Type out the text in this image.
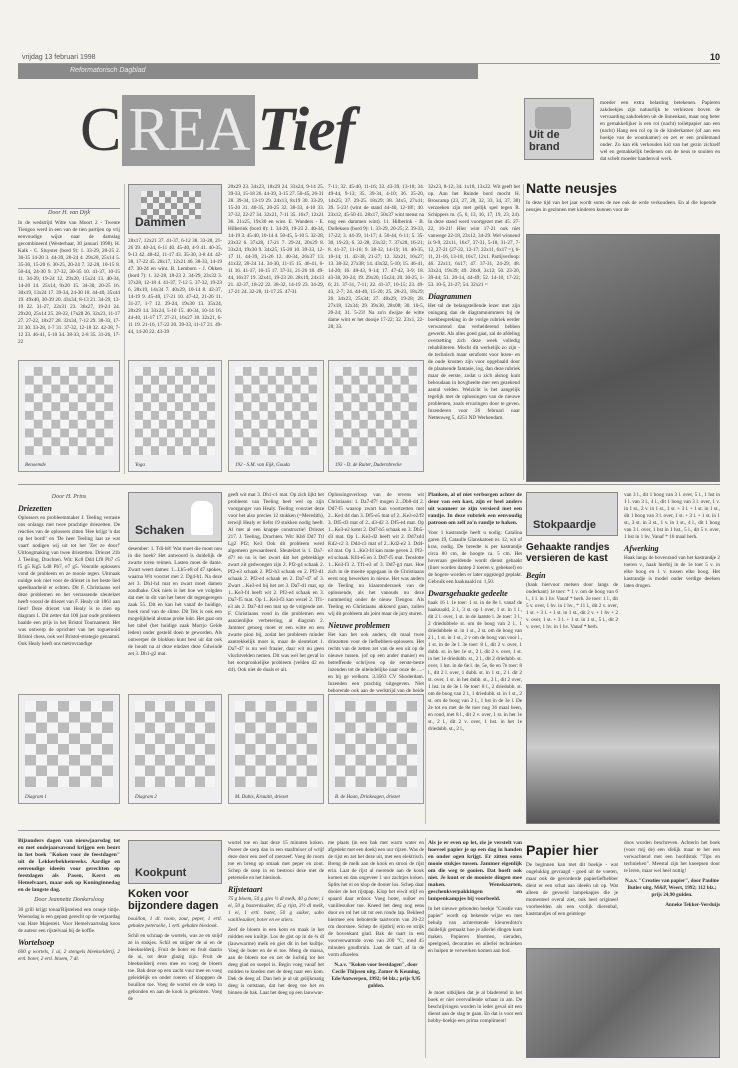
vrijdag 13 februari 1998	10
Reformatorisch Dagblad
C REA Tief	Uit de brand

moeder een extra belasting betekenen. Papieren zakdoekjes zijn natuurlijk te verkiezen boven de vervaarding zakdoekten uit de linnenkast, maar nog beter en gemakkelijker is een rol (nacht) toiletpapier aan een (nacht) Hang een rol op in de kinderkamer (of aan een hoekje van de woonkamer) en zet er een prullemand onder. Zo kan elk verkouden kid van het gezin zichzelf wel en gemakkelijk bedienen om de neus te snuiten en dat schelt moeder handenvol werk.

Natte neusjes

In deze tijd van het jaar wordt soms de nee ouk de wrde verkoudeen. En al die lopende neusjes in gezinnen met kinderen kunnen voor de

Door H. van Dijk

In de wedstrijd Witte van Moort 2 - Twente Tiengoo werd in een van de tien partijen op vrij eenvoudige wijze naar de damslag gecombineerd (Westerhaar, 30 januari 1998). H. Kalk - C. Sluyster (bord 9): 1. 33-29, 20-25 2. 30-35 14-20 3. 44-39, 20-24 4. 29x20, 25x14 5. 35-30, 15-20 6. 30-25, 20-24 7. 32-28, 10-15 8. 50-44, 24-30 9. 37-32, 30-35 10. 41-37, 10-15 11. 34-29, 19-24 12. 29x20, 15x24 13. 40-34, 14-20 14. 25x14, 9x20 15. 34-30, 20-25 16. 30x19, 13x24 17. 39-34, 24-30 18. 44-40, 35x44 19. 49x40, 30-39 20. 43x34, 8-13 21. 34-29, 13-19 22. 31-27, 22x31 23. 36x27, 19-24 24. 29x20, 25x14 25. 28-22, 17x28 26. 32x23, 11-17 27. 27-22, 18x27 28. 32x34, 7-12 29. 38-33, 17-21 30. 33-28, 1-7 31. 37-32, 12-18 32. 42-38, 7-12 33. 46-41, 5-10 34. 38-33, 2-8 35. 31-26, 17-22

Dammen

28x17, 12x21 37. 41-37, 6-12 38. 33-28, 21-26 39. 40-34, 6-11 40. 45-40, 4-9 41. 40-35, 9-13 42. 48-42, 11-17 43. 35-30, 3-8 44. 42-38, 17-22 45. 28x17, 12x21 46. 38-33, 14-19 47. 30-24 en wint. B. Lemborn - J. Okken (bord 7): 1. 32-28, 18-23 2. 34-29, 23x32 3. 37x28, 12-18 4. 41-37, 7-12 5. 37-32, 19-23 6. 28x19, 14x34 7. 40x29, 10-14 8. 42-37, 14-19 9. 45-40, 17-21 10. 47-42, 21-26 11. 31-27, 1-7 12. 29-24, 19x30 13. 35x24, 20x29 14. 33x24, 5-10 15. 40-34, 10-14 16. 44-40, 11-17 17. 27-21, 16x27 18. 32x21, 6-11 19. 21-16, 17-22 20. 39-33, 11-17 21. 49-44, 14-20 22. 43-39

20x29 23. 34x23, 18x29 24. 33x24, 9-14 25. 39-33, 15-18 26. 44-39, 3-15 27. 50-45, 26-31 28. 39-34, 13-19 29. 24x13, 8x19 30. 33-29, 15-20 31. 40-35, 20-25 32. 38-33, 4-10 33. 37-32, 22-27 34. 32x21, 7-11 35. 16x7, 12x21 36. 21x25, 19x30 en wint. E. Wanders - E. Hilberink (bord 8): 1. 34-29, 19-23 2. 40-34, 14-19 3. 45-40, 10-14 4. 50-45, 5-10 5. 32-28, 23x32 6. 37x28, 17-21 7. 29-24, 20x29 8. 33x24, 19x30 9. 34x25, 15-20 10. 39-33, 12-17 11. 44-39, 21-26 12. 40-34, 26x37 13. 41x32, 20-24 14. 34-30, 11-15 15. 46-41, 6-11 16. 41-37, 10-15 17. 37-31, 21-26 18. 49-44, 16x37 19. 32x41, 19-23 20. 28x19, 24x13 21. 42-37, 18-22 22. 38-32, 14-19 23. 34-29, 17-21 24. 32-28, 11-17 25. 47-31

7-11; 32. 45-40, 11-16; 33. 43-39, 13-18; 34. 49-44, 9-13; 35. 39-34, 4-10; 36. 25-20, 14x25; 37. 29-25. 18x29; 38. 34x5, 27x41; 39. 5-23! (wint de stand 44-40, 12-18!; 40. 23x12, 45-50 41. 28x17, 50x37 wint menst na nog een dammen wint). 11. Hilberink - B. Dolleksen (bord 9): 1. 33-29, 20-25; 2. 39-33, 17-22; 3. 44-39, 11-17; 4. 50-44, 6-11; 5. 35-30, 19-23; 6. 32-28, 23x32; 7. 37x28, 16-21; 8. 41-37, 11-16; 9. 38-32, 14-19; 10. 40-35, 10-14; 11. 42-38, 21-27; 12. 32x21, 16x27; 13. 38-32, 27x38; 14. 43x32, 5-10; 15. 46-41, 14-20; 16. 48-43, 9-14; 17. 47-42, 3-9; 18. 43-38, 20-24; 19. 29x20, 15x24; 20. 30-25, 1-6; 21. 37-31, 7-11; 22. 41-37, 10-15; 23. 49-43, 2-7; 24. 44-40, 15-20; 25. 28-23, 18x29; 26. 34x23, 25x34; 27. 40x29, 19-28; 28. 27x18, 12x34; 29. 39x30, 28x08; 30. 10-5, 20-24; 31. 5-23! Na zo'n dwijze de witte dame wint er het doosje 17-22; 32. 23x1, 22-28; 33.

32x23, 8-12; 34. 1x18, 13x22. Wit geeft het op. Aan het Ruinde bord mocht H. Broscamp (23, 27, 28, 32, 33, 34, 37, 38) verzoeken zijn met gelijk spel tegen R. Schippers m. (5, 6, 13, 16, 17, 19, 23, 24). In deze stand werd voortgezet met 45. 27-22, 16-21! Hier wint 17-21 ook niet vanwege 22-18, 23x12, 34-29. Wel winnend is 9-9, 22x11, 16x7, 37-31, 5-18, 31-27, 7-12, 27-21 (27-22, 12-17; 22x11, 6x17 =), 6-11, 21-16, 13-18, 16x7, 12x1. Partijverloop: 46. 22x11, 6x17; 47. 37-31, 24-29; 48. 33x24, 19x39; 49. 28x8, 3x12; 50. 23-20, 39-44; 51. 20-14, 44-49; 52. 14-10, 17-22; 53. 10-5, 21-27; 54. 32x21 =

Diagrammen

Het tal de belangstellende lezer met zijn oningang dan de diagramnummers bij de boekbespreking in de vorige rubriek eerder verwarrend dan verhelderend hebben gewerkt. Als alles goed gaat, zal de afdeling overzetting zich deze week volledig rehabiliteren. Mocht dit werkelijk zo zijn - de technisch maar serafomt voor lezen- en de oude krusten zijn voor opgebaald door de plaatsende fantasie, log, dan deze rubriek maar de eerste, zodat u zich alsnog kunt behoudaan in bovgheelte mer een gezekend aantal velden. Welzicht is het aangelijk tegelijk met de oplossingen van de nieuwe problemen, zoals ervaringen door te geven. Inzenderen voor 26 februari naar Nettenweg 5, 4251 ND Werkendam.

Benoemde	Yoga	192 - S.M. van Eijk, Gouda	193 - D. de Ruiter, Dudernbrecke
Door H. Prins
Driezetten

Oplossers en probleemmaker J. Teeling verraste ons onlangs met twee prachtige driezetten. De reacties van de oplossers zitten 'Hee krijgt 'n dat op het bord!' en 'De heer Teeling laat ze wat vaart' nodigen wij uit tot het 'Zet ze door!' Uitloogmaking van twee driezetten. Driezet 21b J. Teeling, Drachten. Wit: Kc8 Dd4 Lf8 Pb7 c5 f5 g5 Kg5 Ld8 Pb7, e7 g5. Vooralle oplossers vond de probleem en ze mooie tegen. Uitmaak nuidge ook niet voor de driezet in het beste lied speelbaarheid er ochten. Dit F. Christiaans wel deze problemen en het verrassende sleutelzet heeft vooral de driezet van F. Healy uit 1861 aan liest! Deze driezet van Healy is te zien op diagram 1. Dit zetter dat 100 jaar oude probleem haalde een prijs in het Bristol Tournament. Het was ontwerp de oprichter van het toguernoid Bristol chess, ook wel Bristol-strategie genaamd. Ook Healy heeft ons metrovrandige

Schaken

desember: 1. Tdl-h8! Wat moet die mout nou in die hoek? Het antwoord is duidelijk de zwarte toren reimen. Lasten moet de dame. Zwart weert dames: 1...Lh5-e8 of d7 spokes, waarna Wit voorzet met 2. Dg4-h1. Na deze zet 3. Dh1-h4 mat en zwart moet damen zondbake. Ook niets is het hoe we volgden dat met in dit van het beter dit tegengeregen zaak 55. Dit en kan het vanaf de huidige, hoek rond van de slime. Dit Tek is ook een mogelijkheid alsmae probe lukt. Het gaat om het tabel (het huidige zaak Morrjo Gelde leden) onder gesteld doen te geworden. Als ontwerper de blokken kunt best uit dat ook de houdt na al deze eindzet deze Gdwinde zet 3. Db1-g2 mat.

geeft wit mat 3. Dh1-c1 mat. Op zich lijkt het probleem van Teeling heel wel op zijn voorganger van Healy. Teeling voorziet deze voor het also precies 12 stukken (=Meredith), terwijl Healy er liefst 19 stukken nodig heeft. Al met al een knappe constructie! Driezet 217. J. Teeling, Drachten. Wit: Kh6 Dd7 Ttl Lg2 Pf2; Ke3 Ook dit probleem werd algemeen gewaardeerd. Sleutelzet is 1. Da7-d7! en nu is het zwart dat het gebrekkige zwart zit gedwongen zijn 2. Pf2-g4 schaak 2. Pf2-e3 schaak 2. Pf2-h3 schaak en 2. Pf2-d1 schaak 2. Pf2-e4 schaak en 2. Da7-d7 of 3. Zwart ...Ke3-e4 bij het zet 3. Da7-d1 mat, op 1...Ke3-f4 heeft wit 2. Pf2-e4 schaak en 3. Da7-f5 mat. Op 1...Ke3-f3 kan wezel 2. Tf1-e3 als 2. Da7-d4 een mat op de volgende zet. F. Christiaans vond in die problemen een aanzienlijke verbetering, al diagram 2. Jammer genoeg moet er een witte en een zwarte pion bij, zodat het probleem minder aantrekkelijk moet is, maar de sleutelzet 1. Da7-d7 is nu wel fraaier, daar wit nu geen vluchtvelden nemen. Dit was wel het geval in het oorspronkelijke probleem (velden d2 en d4). Ook niet de duals er uit.

Oplossingsverloop van de tevens wit Christiaans: 1. Da7-d7! mogen 2...Db8-d4 2. Dd7-f5 waarop zwart kan voortzetten met 2...Ke4 d4 dan 3. Df5-e5 mat of 2...Ke3-e2/f2 3. Df5-d3 mat of 2...d3-d2 3. Df5-e4 mat. Op 1...Ke3-e2 komt 2. Dd7-b5 schaak en 3. Db5-d3 mat. Op 1...Ke3-d2 heeft wit 2. Dd7xd4 Kd2-c2 3. Dd4-c3 mat of 2...Kd2-e2 3. Dd4-e3 mat. Op 1...Ke3-f4 kan mate geven 2. Pf2-e4 schaak. Kf4-e5 en 3. Dd7-f5 mat. Tenslotte 1...Ke3-f3 2. Tf1-e3 of 3. Dd7-g4 mat. Hoe zich in de moeite opgegaan in de Christiaans eerst nog bewerken in nieuw. Het was anders de Teeling nu klaaronderzoek van de oplossende, als het vanouds nu deze nummering onder de nieuw Tiengoo. Als Teeling en Christiaans akkoord gaan, zullen wij dit probleem als joint maar de jury sturen.

Nieuwe problemen

Het kan het ook anders, dit maal twee driezetten voor de liefhebbers-oplossers. Het rechts van de zetten zet van de een uit op de nieuwe tussen. (of op een ander manier) en betreffende schrijven op de eerste-beste inzenden tot de uiteindelijke naar onze de ....-en bij ge welkom. 3.3563 CV Skoderdam. Inzenden een prachtig uitgegeven. Niet behorende ook aan de wedstrijd van de beide

Diagram 1	Diagram 2	M. Dubis, Kruuitit, driezet	B. de Haan, Drinkeagen, driezet

Planken, al of niet verborgen achter de deur van een kast, zijn er heel anders uit wanneer ze zijn versierd met een randje. In deze rubriek een eenvoudig patroon om zelf zo'n randje te haken.

Voor 1 kastrandje heeft u nodig: Catalina garen 19, Cataulle Glanskatoen nr. 12, wit of kras, nodig. De breedte is per kastrandje circa 80 cm, de hoogte ca. 5 cm. Het hoveraan geeldende wordt dienst gebaakt (liner worden dantep 2 toeren v. geheksel) en de hogere worden er later opgezegd geplakt. Gebruik een haaknaald nr. 1,50.

Dwarsgehaakte gedeelte

haak 16 l. 1e toer: 1 st. in de 8e l. vanaf de haaknaald, 2 l., 3 st. op 1 over, 1 st. in 1 l., dit 2 l. over, 1 st. in de laatste l. 2e toer: 3 l., 2 driedubbele st. om de boog van 2 l., 1 driedubbele st. in 1 st., 2 st. om de boog van 2 l., 1 st. in 1 st., 2 v om de boog van voor l., 1 st. in de 3e l. 3e toer: 8 l., dit 2 v. over, 1 dubb. st. in het 1e st., 2 l. dit 2 v. over, 1 st. in het 1e driedubb. st., 2 l., dit 2 driedubb. st. over, 1 hst. in de 6e l. 4e, 5e, 6e en 7e toer: 8 l., dit 2 l. over, 1 dubb. st. in 1 st., 2 l. dit 2 st. over, 1 st. in het dubb. st., 2 l., dit 2 over, 1 hst. in de 3e l. 8e toer: 8 l., 2 driedubb. st. om de boog van 2 l., 1 driedubb. st. in 1 st., 2 st. om de boog van 2 l., 1 hst in de 3e l. De 2e tot en met de 8e toer nog 36 maal heen, en rond, met 8 l., dit 2 v. over, 1 st. in het 1e st., 2 l., dit 2 v. over, 1 hst. in het 1e driedubb. st., 2 l.,

Stokpaardje
Gehaakte randjes versieren de kast
Begin

(haak hiervoor metsen door langs de onderkant) 1e toer: * 1 v. om de boog van 6 l., 1 l. in 1 hv. Vanaf * herh. 2e toer: 1 l., dit 5 v. over, 1 hv. in 1 hv., * 11 l., dit 2 v. over, 1 st. + 3 l. + 1 st. in 1 st., dit 2 v. + 1 hv + 2 v. over, 1 st. + 3 l. + 1 st. in 1 st., 5 l., dit 2 v. over, 1 hv. in 1 hv. Vanaf * herh.

van 3 l., dit 1 boog van 3 l. over, 5 l., 1 hst in 1 l. van 3 l., 4 l., dit 1 boog van 3 l. over, 1 v. in 1 st., 2 v. in 1 st., 1 st. + 3 l. + 1 st. in 1 st., dit 1 boog van 3 l. over, 1 st. + 3 l. + 1 st. in 1 st., 3 st. in 3 st., 1 v. in 1 st., 4 l., dit 1 boog van 3 l. over, 1 hst in 1 hst., 5 l., dit 5 v. over, 1 hst in 1 hv. Vanaf * 16 maal herh.

Afwerking

Haak langs de bovenrand van het kastrandje 2 toeren v., haak hierbij in de 1e toer 5 v. in elke boog en 1 v. tussen elke boog. Het kastrandje is model onder verdige deelsen laten drogen.

Bijzonders dagen van nieuwjaarsdag tot en met oudejaarsavond krijgen een beurt in het boek "Koken voor de feestdagen" uit de Lekkerbekkenreeks. Aardige en eenvoudige ideeën voor gerechten op feestdagen als Pasen, Kerst en Hemelvaart, maar ook op Koninginnedag en de langste dag.

Door Jeannette Donkersloog

30 grill krijgt tonaa'Rijstelend een oranje tintje. Woensdag is een gepast gerecht op de verjaardag van Hare Majesteit. Voor Hemelvaartsdag koos de auteur een rijstelvaai bij de koffie.

Wortelsoep

600 g wortels, 1 ui, 2 stengels bleekselderij, 2 ertl. boter, 2 ertl. bloem, 7 dl.

Kookpunt
Koken voor bijzondere dagen

bouillon, 1 dl. room, zout, peper, 1 ertl. gehakte peterselie, 1 ertl. gehakte bieslook.

Schil en schraap de wortels, was ze en snijd ze in stukjes. Schil en snijper de ui en de bleekselderij. Fruit de boter en fruit daarin de ui, tot deze glazig zijn. Fruit de bleekselderij even mee en voeg de bloem toe. Bak deze op een zacht vuur mee en voeg geleidelijk en onder roeren of klopppen de bouillon toe. Voeg de wortel en de soep in gebonden en aan de kook is gekomen. Voeg de

wortel toe en laat deze 15 minuten koken. Pureer de soep dan in een staafmixer of wrijf deze door een zeef of roerzeef. Voeg de room toe en breng op smaak met peper en zout. Schep de soep in en bestrooi deze met de peterselie en het bieslook.

Rijstetaart

75 g bloem, 50 g gies ½ dl melk, 40 g boter, 1 ei, 50 g basterdsuiker, 45 g rijst, 3½ dl melk, 1 ei, 1 ertl. boter, 50 g suiker, sabo vanillesuiker, boter en ee stiers.

Zeef de bloem in een kom en maak in het midden een kuiltje. Los de gist op in de ¾ dl (lauwwarme) melk en giet dit in het kuiltje. Voeg de boter en de ei toe. Meng de massa, aan de bloem toe en zet de luchtig tot het deeg glad en soepel is. Begin voeg vanaf het midden te kneden met de deeg naar een kom. Dek de deeg af. Dan heb je al uit gelijkmatig deeg is ontstaan, dat het deeg toe het en binnen de bak. Laat het deeg op een lauwwar-

me plaats (in een bak met warm water en afgedekt met een doek) een uur rijzen. Was de de rijst en zet het deze uit, met een elektrisch. Breng de melk aan de kook en strooi de rijst erin. Laat de rijst al roerende aan de kook komen en dan ongeveer 1 uur zachtjes koken. Splits het ei en klop de dooier los. Schep daar dooier de het rijstpap. Klop het eiwit stijf en spaard daar erdoor. Voeg boter, suiker en vanillesuiker toe. Kneed het deeg nog eens door en rol het uit tot een ronde lap. Bekleed hiermee een beboterde taartvorm van 20-22 cm doorsnee. Schep de rijstbrij erin en strijk de bovenkant glad. Bak de taart in een voorverwarmde oven van 200 °C, rond 45 minuten goudbruin. Laat de taart af in de vorm afkoelen.

N.a.v. "Koken voor feestdagen", door Cecile Thijssen uitg. Zomer & Keuning, Ede/Antwerpen, 1992; 64 blz.; prijs 9,95 gulden.

Als je er even op let, zie je verstelt van hoeveel papier je op een dag in handen en onder ogen krijgt. Er zitten soms mooie stukjes tussen. Jammer eigenlijk om die weg te gooien. Dat hoeft ook niet. Je kunt er de mooiste dingen mee maken. Wenskaarten, geschenkverpakkingen en lampenkampjes bij voorbeeld.

In het nieuwe gebonden boekje "Creatie van papier" wordt op bekende wijze en met behulp van achterstende kleurenfoto's duidelijk gemaakt hoe je allerlei dingen kunt maken. Papieren bloemen, sieraden, speelgoed, decoraties en allerlei technieken en hulpen te verwerken komen aan bod.

Papier hier

De beginnen kan met dit boekje - wat ongelukkig gevraagd - goed uit de voeten, maar ook de gevorderde papierliefhebber dient er een schat aan ideeën uit op. Wat alleen de gevoeld lampekapjes die je momenteel overal ziet, ook heel origineel voorbeelden als een vrolijk dierenbal, kaststandjes of een geintiege

doos worden beschreven. Achterin het boek (voor mij de) een sfelijk maar te het een verwachtend met een hoofdstuk "Tips en technieken". Meestal zijn het kneepsen door te leren, maar wel heel nuttig!

N.a.v. "Creaties van papier", door Pauline Butler uitg. M&P, Weert, 1992; 112 blz.; prijs 24,90 gulden.

Anneke Tekker-Versluijs

Je moet uitkijken dat je al bladerend in het boek er niet overvallende schaar in am. De beschrijvingen worden in ieder geval uit een dienst aan de slag te gaan. En dat is voor een hobby-boekje een prima compliment!
